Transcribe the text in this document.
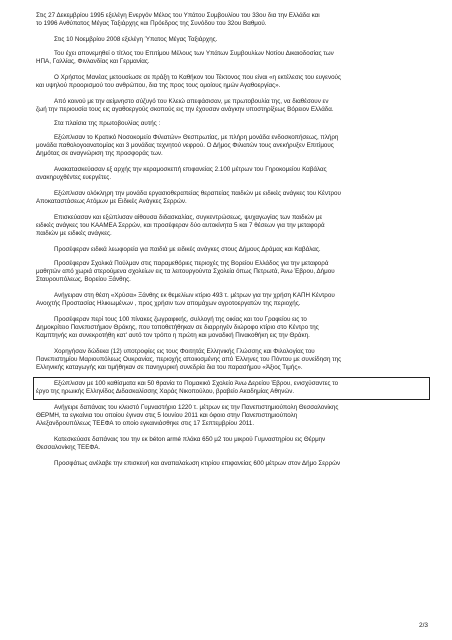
Στις 27 Δεκεμβρίου 1995 εξελέγη Ενεργόν Μέλος του Υπάτου Συμβουλίου του 33ου δια την Ελλάδα και
το 1996 Ανθύπατος Μέγας Ταξιάρχης και Πρόεδρος της Συνόδου του 32ου Βαθμού.

Στις 10 Νοεμβρίου 2008 εξελέγη Ύπατος Μέγας Ταξιάρχης.

Του έχει απονεμηθεί ο τίτλος του Επιτίμου Μέλους των Υπάτων Συμβουλίων Νοτίου Δικαιοδοσίας των
ΗΠΑ, Γαλλίας, Φινλανδίας και Γερμανίας.

Ο Χρήστος Μανέας μετουσίωσε σε πράξη το Καθήκον του Τέκτονος που είναι «η εκτέλεσις του ευγενούς
και υψηλού προορισμού του ανθρώπου, δια της προς τους ομοίους ημών Αγαθοεργίας».

Από κοινού με την αείμνηστο σύζυγό του Κλειώ απεφάσισαν, με πρωτοβουλία της, να διαθέσουν εν
ζωή την περιουσία τους εις αγαθοεργούς σκοπούς εις την έχουσαν ανάγκην υποστηρίξεως Βόρειον Ελλάδα.

Στα πλαίσια της πρωτοβουλίας αυτής :

Εξώπλισαν το Κρατικό Νοσοκομείο Φιλιατών» Θεσπρωτίας, με πλήρη μονάδα ενδοσκοπήσεως, πλήρη
μονάδα παθολογοανατομίας και 3 μονάδας τεχνητού νεφρού. Ο Δήμος Φιλιατών τους ανεκήρυξεν Επιτίμους
Δημότας σε αναγνώριση της προσφοράς των.

Ανακατασκεύασαν εξ αρχής την κεραμοσκεπή επιφανείας 2.100 μέτρων του Γηροκομείου Καβάλας
ανακηρυχθέντες ευεργέτες.

Εξώπλισαν ολόκληρη την μονάδα εργασιοθεραπείας θεραπείας παιδιών με ειδικές ανάγκες του Κέντρου
Αποκαταστάσεως Ατόμων με Ειδικές Ανάγκες Σερρών.

Επισκεύασαν και εξώπλισαν αίθουσα διδασκαλίας, συγκεντρώσεως, ψυχαγωγίας των παιδιών με
ειδικές ανάγκες του ΚΑΑΜΕΑ Σερρών, και προσέφεραν δύο αυτοκίνητα 5 και 7 θέσεων για την μεταφορά
παιδιών με ειδικές ανάγκες.

Προσέφεραν ειδικά λεωφορεία για παιδιά με ειδικές ανάγκες στους Δήμους Δράμας και Καβάλας.

Προσέφεραν Σχολικά Πούλμαν στις παραμεθόριες περιοχές της Βορείου Ελλάδος για την μεταφορά
μαθητών από χωριά στερούμενα σχολείων εις τα λειτουργούντα Σχολεία όπως Πετρωτά, Άνω Έβρου, Δήμου
Σταυρουπόλεως, Βορείου Ξάνθης.

Ανήγειραν στη θέση «Χρύσα» Ξάνθης εκ θεμελίων κτίριο 493 τ. μέτρων για την χρήση ΚΑΠΗ Κέντρου
Ανοιχτής Προστασίας Ηλικιωμένων , προς χρήσιν των απομάχων αγροτοεργατών της περιοχής.

Προσέφεραν περί τους 100 πίνακες ζωγραφικής, συλλογή της οικίας και του Γραφείου εις το
Δημοκρίτειο Πανεπιστήμιον Θράκης, που τοποθετήθηκαν σε διαρρηγέν διώροφο κτίριο στο Κέντρο της
Καμπτηνής και συνεκροτήθη κατ' αυτό τον τρόπο η πρώτη και μοναδική Πινακοθήκη εις την Θράκη.

Χορηγήσαν δώδεκα (12) υποτροφίες εις τους Φοιτητάς Ελληνικής Γλώσσης και Φιλολογίας του
Πανεπιστημίου Μαριουπόλεως Ουκρανίας, περιοχής αποικισμένης από Έλληνες του Πόντου με συνείδηση της
Ελληνικής καταγωγής και τιμήθηκαν σε πανηγυρική συνεδρία δια του παρασήμου «Άξιος Τιμής».

Εξώπλισαν με 100 καθίσματα και 50 θρανία το Πομακικό Σχολείο Άνω Δερείου Έβρου, ενισχύσαντες το
έργο της ηρωικής Ελληνίδος Διδασκαλίσσης Χαράς Νικοπούλου, βραβείο Ακαδημίας Αθηνών.

Ανήγειρε δαπάναις του κλειστό Γυμναστήριο 1220 τ. μέτρων εις την Πανεπιστημιούπολη Θεσσαλονίκης
ΘΕΡΜΗ, τα εγκαίνια του οποίου έγιναν στις 5 Ιουνίου 2011 και όφοιο στην Πανεπιστημιούπολη
Αλεξανδρουπόλεως ΤΕΕΦΑ το οποίο εγκαινιάσθηκε στις 17 Σεπτεμβρίου 2011.

Κατεσκεύασε δαπάναις του την εκ béton armé πλάκα 650 μ2 του μικρού Γυμναστηρίου εις Θέρμην
Θεσσαλονίκης ΤΕΕΦΑ.

Προσφάτως ανέλαβε την επισκευή και αναπαλαίωση κτιρίου επιφανείας 600 μέτρων στον Δήμο Σερρών

2/3
